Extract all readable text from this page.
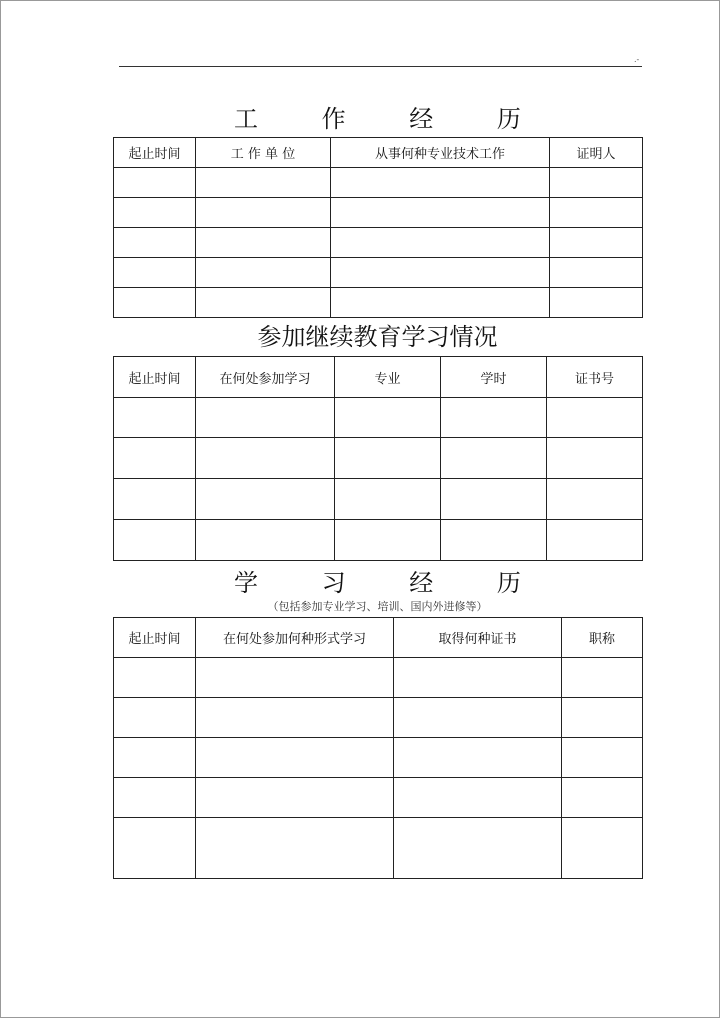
.-
工 作 经 历
起止时间	工 作 单 位	从事何种专业技术工作	证明人

参加继续教育学习情况
起止时间	在何处参加学习	专业	学时	证书号

学 习 经 历
（包括参加专业学习、培训、国内外进修等）
起止时间	在何处参加何种形式学习	取得何种证书	职称
